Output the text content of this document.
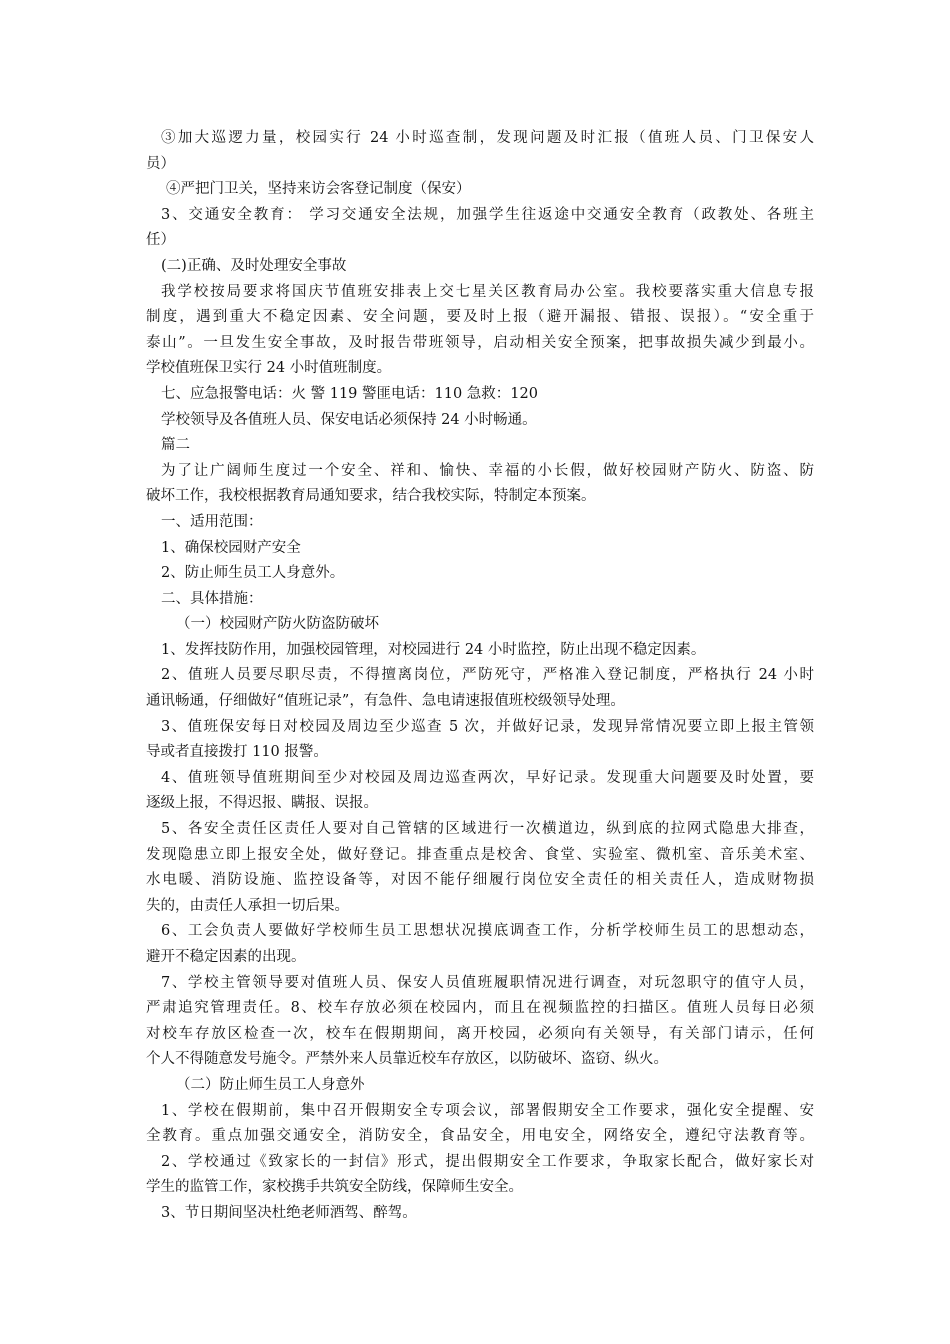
③加大巡逻力量，校园实行 24 小时巡查制，发现问题及时汇报（值班人员、门卫保安人
员）
④严把门卫关，坚持来访会客登记制度（保安）
3、交通安全教育： 学习交通安全法规，加强学生往返途中交通安全教育（政教处、各班主
任）
(二)正确、及时处理安全事故
我学校按局要求将国庆节值班安排表上交七星关区教育局办公室。我校要落实重大信息专报
制度，遇到重大不稳定因素、安全问题，要及时上报（避开漏报、错报、误报）。“安全重于
泰山”。一旦发生安全事故，及时报告带班领导，启动相关安全预案，把事故损失减少到最小。
学校值班保卫实行 24 小时值班制度。
七、应急报警电话：火 警 119 警匪电话：110 急救：120
学校领导及各值班人员、保安电话必须保持 24 小时畅通。
篇二
为了让广阔师生度过一个安全、祥和、愉快、幸福的小长假，做好校园财产防火、防盗、防
破坏工作，我校根据教育局通知要求，结合我校实际，特制定本预案。
一、适用范围：
1、确保校园财产安全
2、防止师生员工人身意外。
二、具体措施：
（一）校园财产防火防盗防破坏
1、发挥技防作用，加强校园管理，对校园进行 24 小时监控，防止出现不稳定因素。
2、值班人员要尽职尽责，不得擅离岗位，严防死守，严格准入登记制度，严格执行 24 小时
通讯畅通，仔细做好“值班记录”，有急件、急电请速报值班校级领导处理。
3、值班保安每日对校园及周边至少巡查 5 次，并做好记录，发现异常情况要立即上报主管领
导或者直接拨打 110 报警。
4、值班领导值班期间至少对校园及周边巡查两次，早好记录。发现重大问题要及时处置，要
逐级上报，不得迟报、瞒报、误报。
5、各安全责任区责任人要对自己管辖的区域进行一次横道边，纵到底的拉网式隐患大排查，
发现隐患立即上报安全处，做好登记。排查重点是校舍、食堂、实验室、微机室、音乐美术室、
水电暖、消防设施、监控设备等，对因不能仔细履行岗位安全责任的相关责任人，造成财物损
失的，由责任人承担一切后果。
6、工会负责人要做好学校师生员工思想状况摸底调查工作，分析学校师生员工的思想动态，
避开不稳定因素的出现。
7、学校主管领导要对值班人员、保安人员值班履职情况进行调查，对玩忽职守的值守人员，
严肃追究管理责任。8、校车存放必须在校园内，而且在视频监控的扫描区。值班人员每日必须
对校车存放区检查一次，校车在假期期间，离开校园，必须向有关领导，有关部门请示，任何
个人不得随意发号施令。严禁外来人员靠近校车存放区，以防破坏、盗窃、纵火。
（二）防止师生员工人身意外
1、学校在假期前，集中召开假期安全专项会议，部署假期安全工作要求，强化安全提醒、安
全教育。重点加强交通安全，消防安全，食品安全，用电安全，网络安全，遵纪守法教育等。
2、学校通过《致家长的一封信》形式，提出假期安全工作要求，争取家长配合，做好家长对
学生的监管工作，家校携手共筑安全防线，保障师生安全。
3、节日期间坚决杜绝老师酒驾、醉驾。
